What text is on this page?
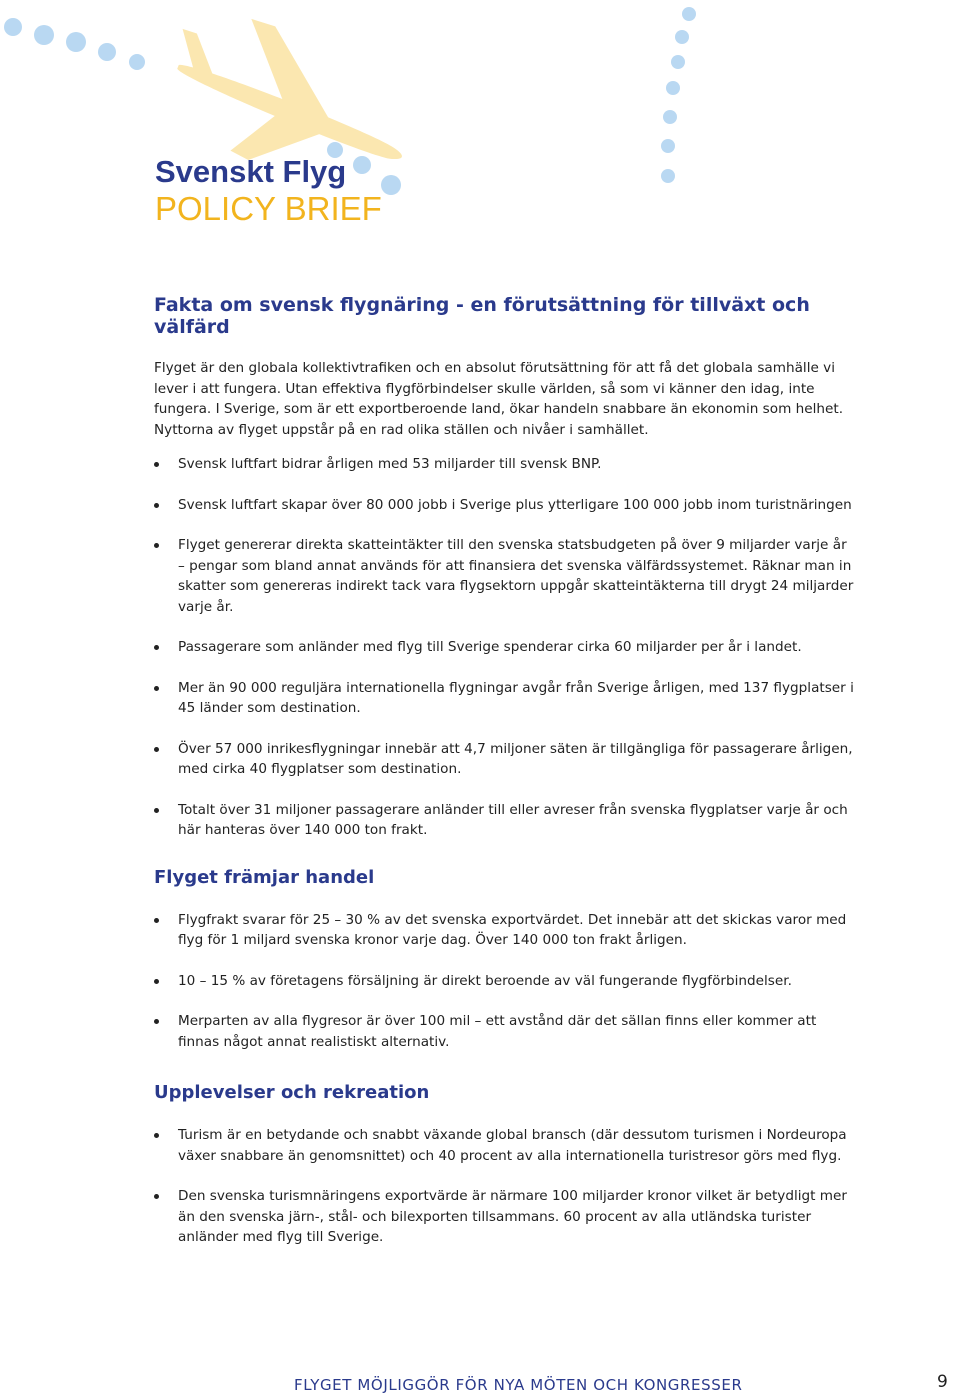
Svenskt Flyg
POLICY BRIEF
Fakta om svensk flygnäring - en förutsättning för tillväxt och välfärd

Flyget är den globala kollektivtrafiken och en absolut förutsättning för att få det globala samhälle vi lever i att fungera. Utan effektiva flygförbindelser skulle världen, så som vi känner den idag, inte fungera. I Sverige, som är ett exportberoende land, ökar handeln snabbare än ekonomin som helhet. Nyttorna av flyget uppstår på en rad olika ställen och nivåer i samhället.

Svensk luftfart bidrar årligen med 53 miljarder till svensk BNP.
Svensk luftfart skapar över 80 000 jobb i Sverige plus ytterligare 100 000 jobb inom turistnäringen
Flyget genererar direkta skatteintäkter till den svenska statsbudgeten på över 9 miljarder varje år – pengar som bland annat används för att finansiera det svenska välfärdssystemet. Räknar man in skatter som genereras indirekt tack vara flygsektorn uppgår skatteintäkterna till drygt 24 miljarder varje år.
Passagerare som anländer med flyg till Sverige spenderar cirka 60 miljarder per år i landet.
Mer än 90 000 reguljära internationella flygningar avgår från Sverige årligen, med 137 flygplatser i 45 länder som destination.
Över 57 000 inrikesflygningar innebär att 4,7 miljoner säten är tillgängliga för passagerare årligen, med cirka 40 flygplatser som destination.
Totalt över 31 miljoner passagerare anländer till eller avreser från svenska flygplatser varje år och här hanteras över 140 000 ton frakt.
Flyget främjar handel
Flygfrakt svarar för 25 – 30 % av det svenska exportvärdet. Det innebär att det skickas varor med flyg för 1 miljard svenska kronor varje dag. Över 140 000 ton frakt årligen.
10 – 15 % av företagens försäljning är direkt beroende av väl fungerande flygförbindelser.
Merparten av alla flygresor är över 100 mil – ett avstånd där det sällan finns eller kommer att finnas något annat realistiskt alternativ.
Upplevelser och rekreation
Turism är en betydande och snabbt växande global bransch (där dessutom turismen i Nordeuropa växer snabbare än genomsnittet) och 40 procent av alla internationella turistresor görs med flyg.
Den svenska turismnäringens exportvärde är närmare 100 miljarder kronor vilket är betydligt mer än den svenska järn-, stål- och bilexporten tillsammans. 60 procent av alla utländska turister anländer med flyg till Sverige.
FLYGET MÖJLIGGÖR FÖR NYA MÖTEN OCH KONGRESSER	9
